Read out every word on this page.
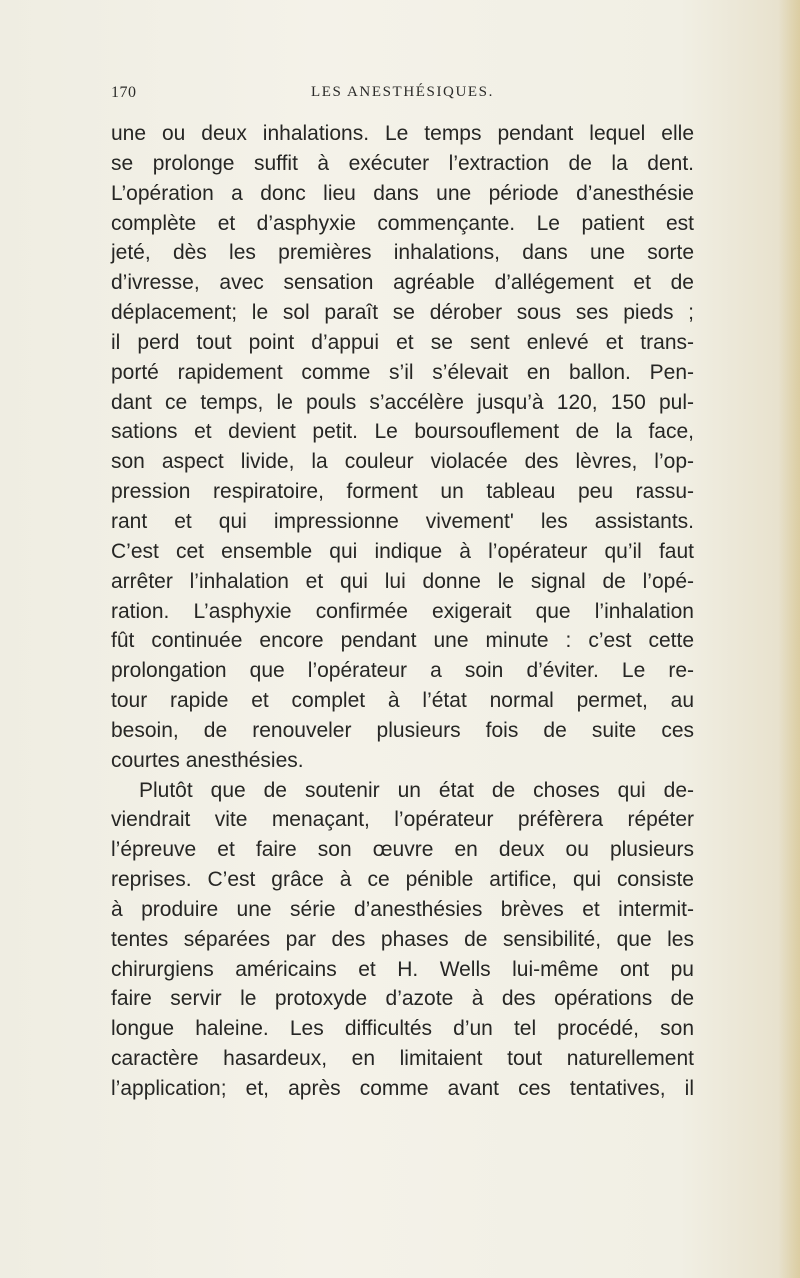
170	LES ANESTHÉSIQUES.
une ou deux inhalations. Le temps pendant lequel elle
se prolonge suffit à exécuter l’extraction de la dent.
L’opération a donc lieu dans une période d’anesthésie
complète et d’asphyxie commençante. Le patient est
jeté, dès les premières inhalations, dans une sorte
d’ivresse, avec sensation agréable d’allégement et de
déplacement; le sol paraît se dérober sous ses pieds ;
il perd tout point d’appui et se sent enlevé et trans-
porté rapidement comme s’il s’élevait en ballon. Pen-
dant ce temps, le pouls s’accélère jusqu’à 120, 150 pul-
sations et devient petit. Le boursouflement de la face,
son aspect livide, la couleur violacée des lèvres, l’op-
pression respiratoire, forment un tableau peu rassu-
rant et qui impressionne vivement' les assistants.
C’est cet ensemble qui indique à l’opérateur qu’il faut
arrêter l’inhalation et qui lui donne le signal de l’opé-
ration. L’asphyxie confirmée exigerait que l’inhalation
fût continuée encore pendant une minute : c’est cette
prolongation que l’opérateur a soin d’éviter. Le re-
tour rapide et complet à l’état normal permet, au
besoin, de renouveler plusieurs fois de suite ces
courtes anesthésies.
Plutôt que de soutenir un état de choses qui de-
viendrait vite menaçant, l’opérateur préfèrera répéter
l’épreuve et faire son œuvre en deux ou plusieurs
reprises. C’est grâce à ce pénible artifice, qui consiste
à produire une série d’anesthésies brèves et intermit-
tentes séparées par des phases de sensibilité, que les
chirurgiens américains et H. Wells lui-même ont pu
faire servir le protoxyde d’azote à des opérations de
longue haleine. Les difficultés d’un tel procédé, son
caractère hasardeux, en limitaient tout naturellement
l’application; et, après comme avant ces tentatives, il
